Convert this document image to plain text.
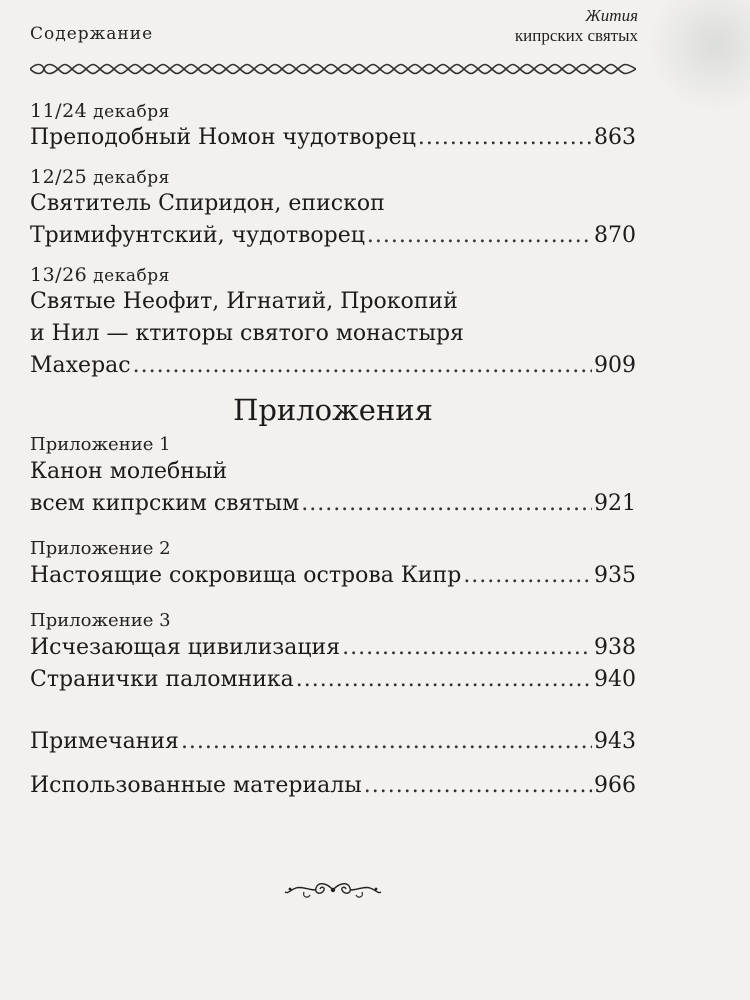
Содержание
Жития
кипрских святых
11/24 декабря
Преподобный Номон чудотворец .....	863
12/25 декабря
Святитель Спиридон, епископ
Тримифунтский, чудотворец .....	870
13/26 декабря
Святые Неофит, Игнатий, Прокопий
и Нил — ктиторы святого монастыря
Махерас .....	909
Приложения
Приложение 1
Канон молебный
всем кипрским святым .....	921
Приложение 2
Настоящие сокровища острова Кипр .....	935
Приложение 3
Исчезающая цивилизация .....	938
Странички паломника .....	940
Примечания .....	943
Использованные материалы .....	966
